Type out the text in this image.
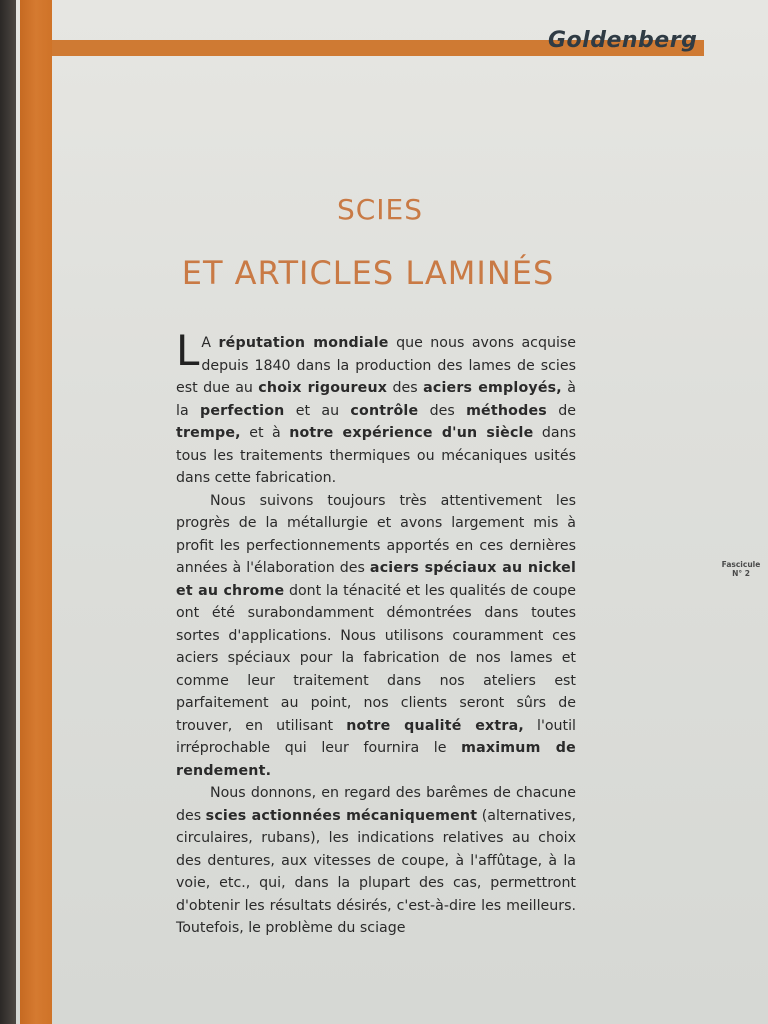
Goldenberg
SCIES
ET ARTICLES LAMINÉS
Fascicule
N° 2

L A réputation mondiale que nous avons acquise depuis 1840 dans la production des lames de scies est due au choix rigoureux des aciers employés, à la perfection et au contrôle des méthodes de trempe, et à notre expérience d'un siècle dans tous les traitements thermiques ou mécaniques usités dans cette fabrication.

Nous suivons toujours très attentivement les progrès de la métallurgie et avons largement mis à profit les perfectionnements apportés en ces dernières années à l'élaboration des aciers spéciaux au nickel et au chrome dont la ténacité et les qualités de coupe ont été surabondamment démontrées dans toutes sortes d'applications. Nous utilisons couramment ces aciers spéciaux pour la fabrication de nos lames et comme leur traitement dans nos ateliers est parfaitement au point, nos clients seront sûrs de trouver, en utilisant notre qualité extra, l'outil irréprochable qui leur fournira le maximum de rendement.

Nous donnons, en regard des barêmes de chacune des scies actionnées mécaniquement (alternatives, circulaires, rubans), les indications relatives au choix des dentures, aux vitesses de coupe, à l'affûtage, à la voie, etc., qui, dans la plupart des cas, permettront d'obtenir les résultats désirés, c'est-à-dire les meilleurs. Toutefois, le problème du sciage
